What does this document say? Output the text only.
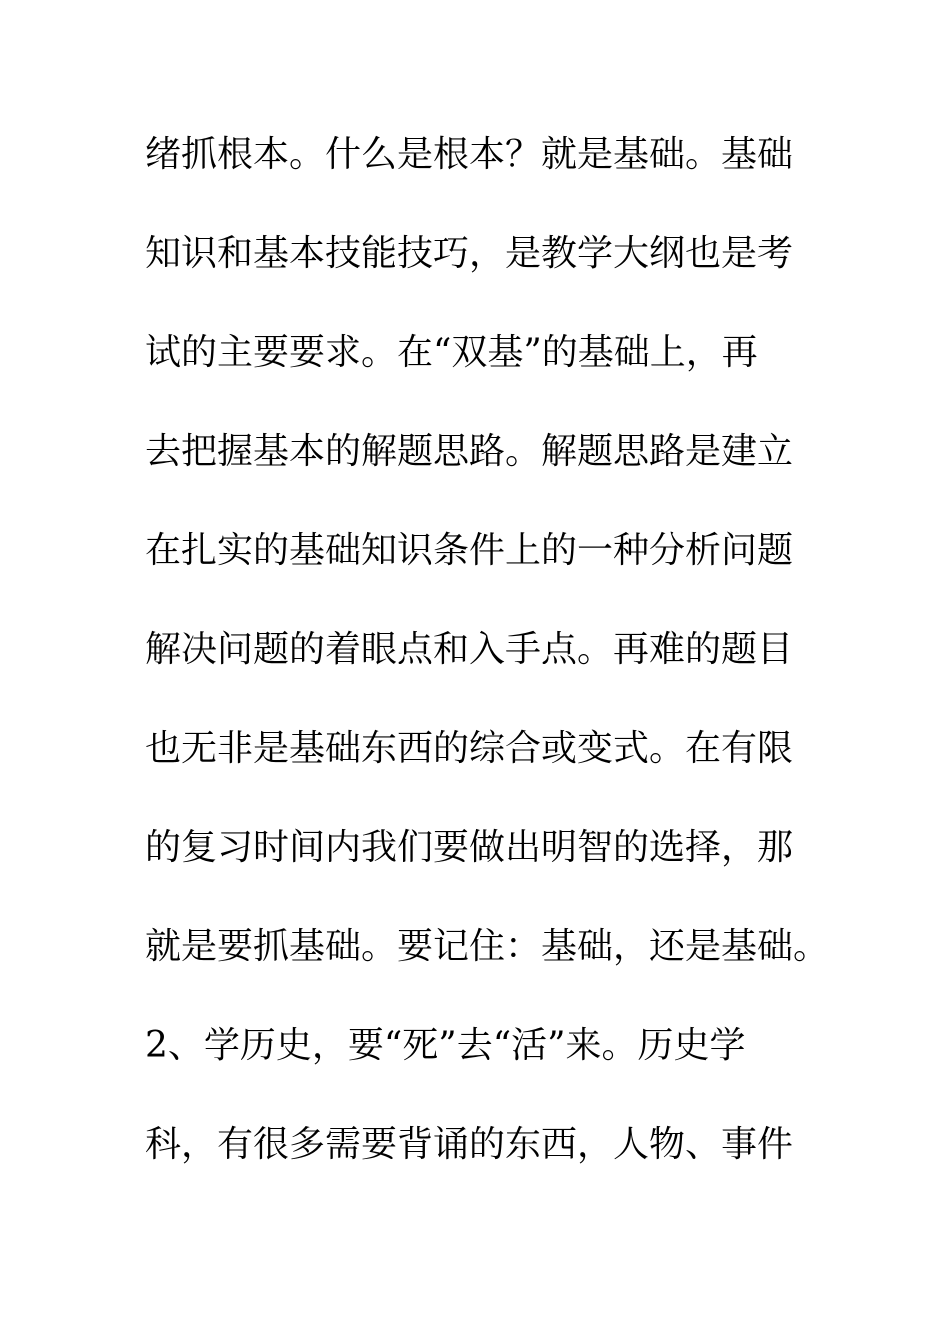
绪抓根本。什么是根本？就是基础。基础
知识和基本技能技巧，是教学大纲也是考
试的主要要求。在“双基”的基础上，再
去把握基本的解题思路。解题思路是建立
在扎实的基础知识条件上的一种分析问题
解决问题的着眼点和入手点。再难的题目
也无非是基础东西的综合或变式。在有限
的复习时间内我们要做出明智的选择，那
就是要抓基础。要记住：基础，还是基础。
2、学历史，要“死”去“活”来。历史学
科，有很多需要背诵的东西，人物、事件
